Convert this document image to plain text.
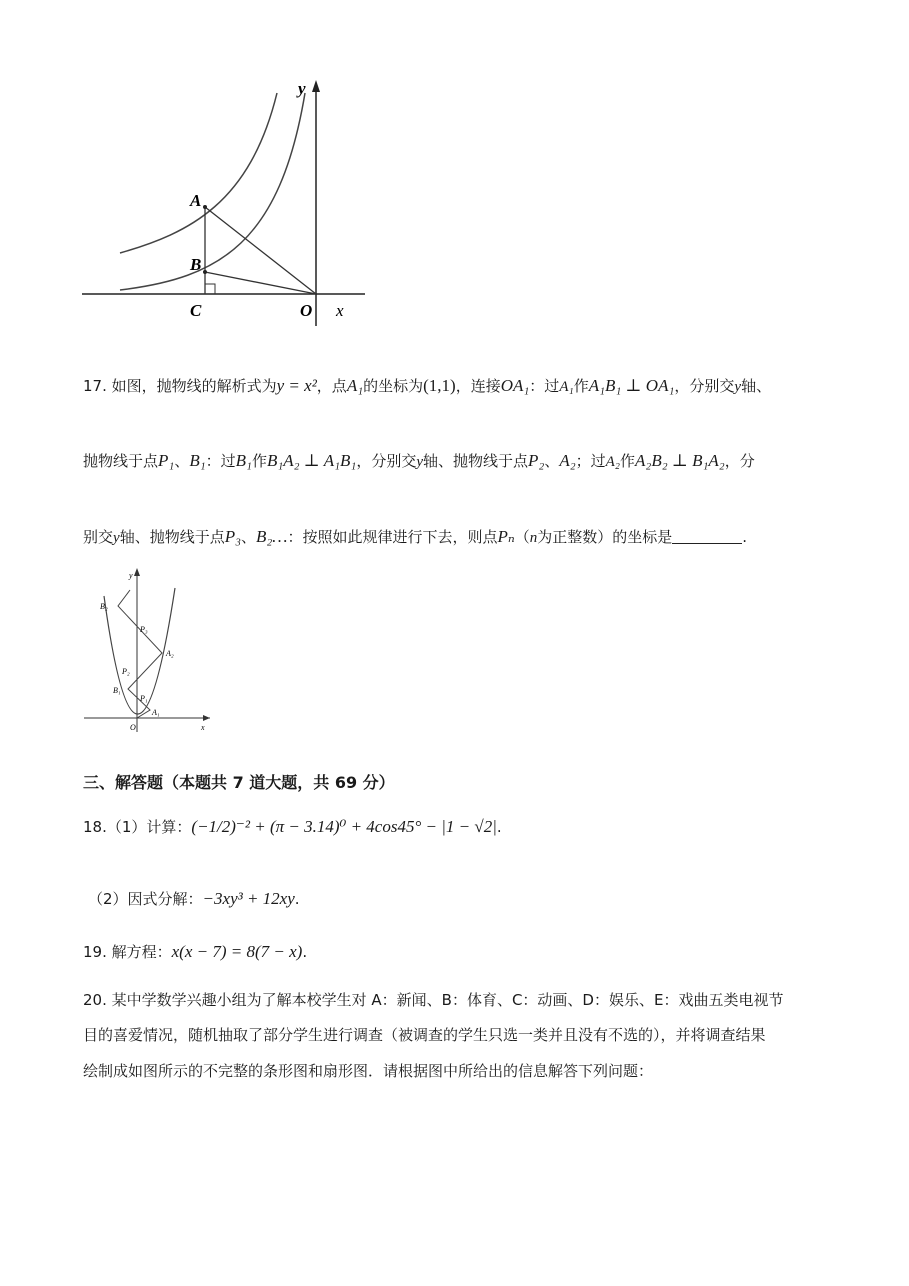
y
A
B
C	O x
17. 如图，抛物线的解析式为y = x²，点A₁的坐标为(1,1)，连接OA₁：过A₁作A₁B₁ ⊥ OA₁，分别交y轴、
抛物线于点P₁、B₁：过B₁作B₁A₂ ⊥ A₁B₁，分别交y轴、抛物线于点P₂、A₂；过A₂作A₂B₂ ⊥ B₁A₂，分
别交y轴、抛物线于点P₃、B₂…：按照如此规律进行下去，则点Pₙ（n为正整数）的坐标是	.
y
x
O
B₂
P₃
A₂
P₂
B₁
P₁
A₁
三、解答题（本题共 7 道大题，共 69 分）
18.（1）计算：(−1/2)⁻² + (π − 3.14)⁰ + 4cos45° − |1 − √2|.
（2）因式分解：−3xy³ + 12xy.
19. 解方程：x(x − 7) = 8(7 − x).
20. 某中学数学兴趣小组为了解本校学生对 A：新闻、B：体育、C：动画、D：娱乐、E：戏曲五类电视节
目的喜爱情况，随机抽取了部分学生进行调查（被调查的学生只选一类并且没有不选的），并将调查结果
绘制成如图所示的不完整的条形图和扇形图．请根据图中所给出的信息解答下列问题：
